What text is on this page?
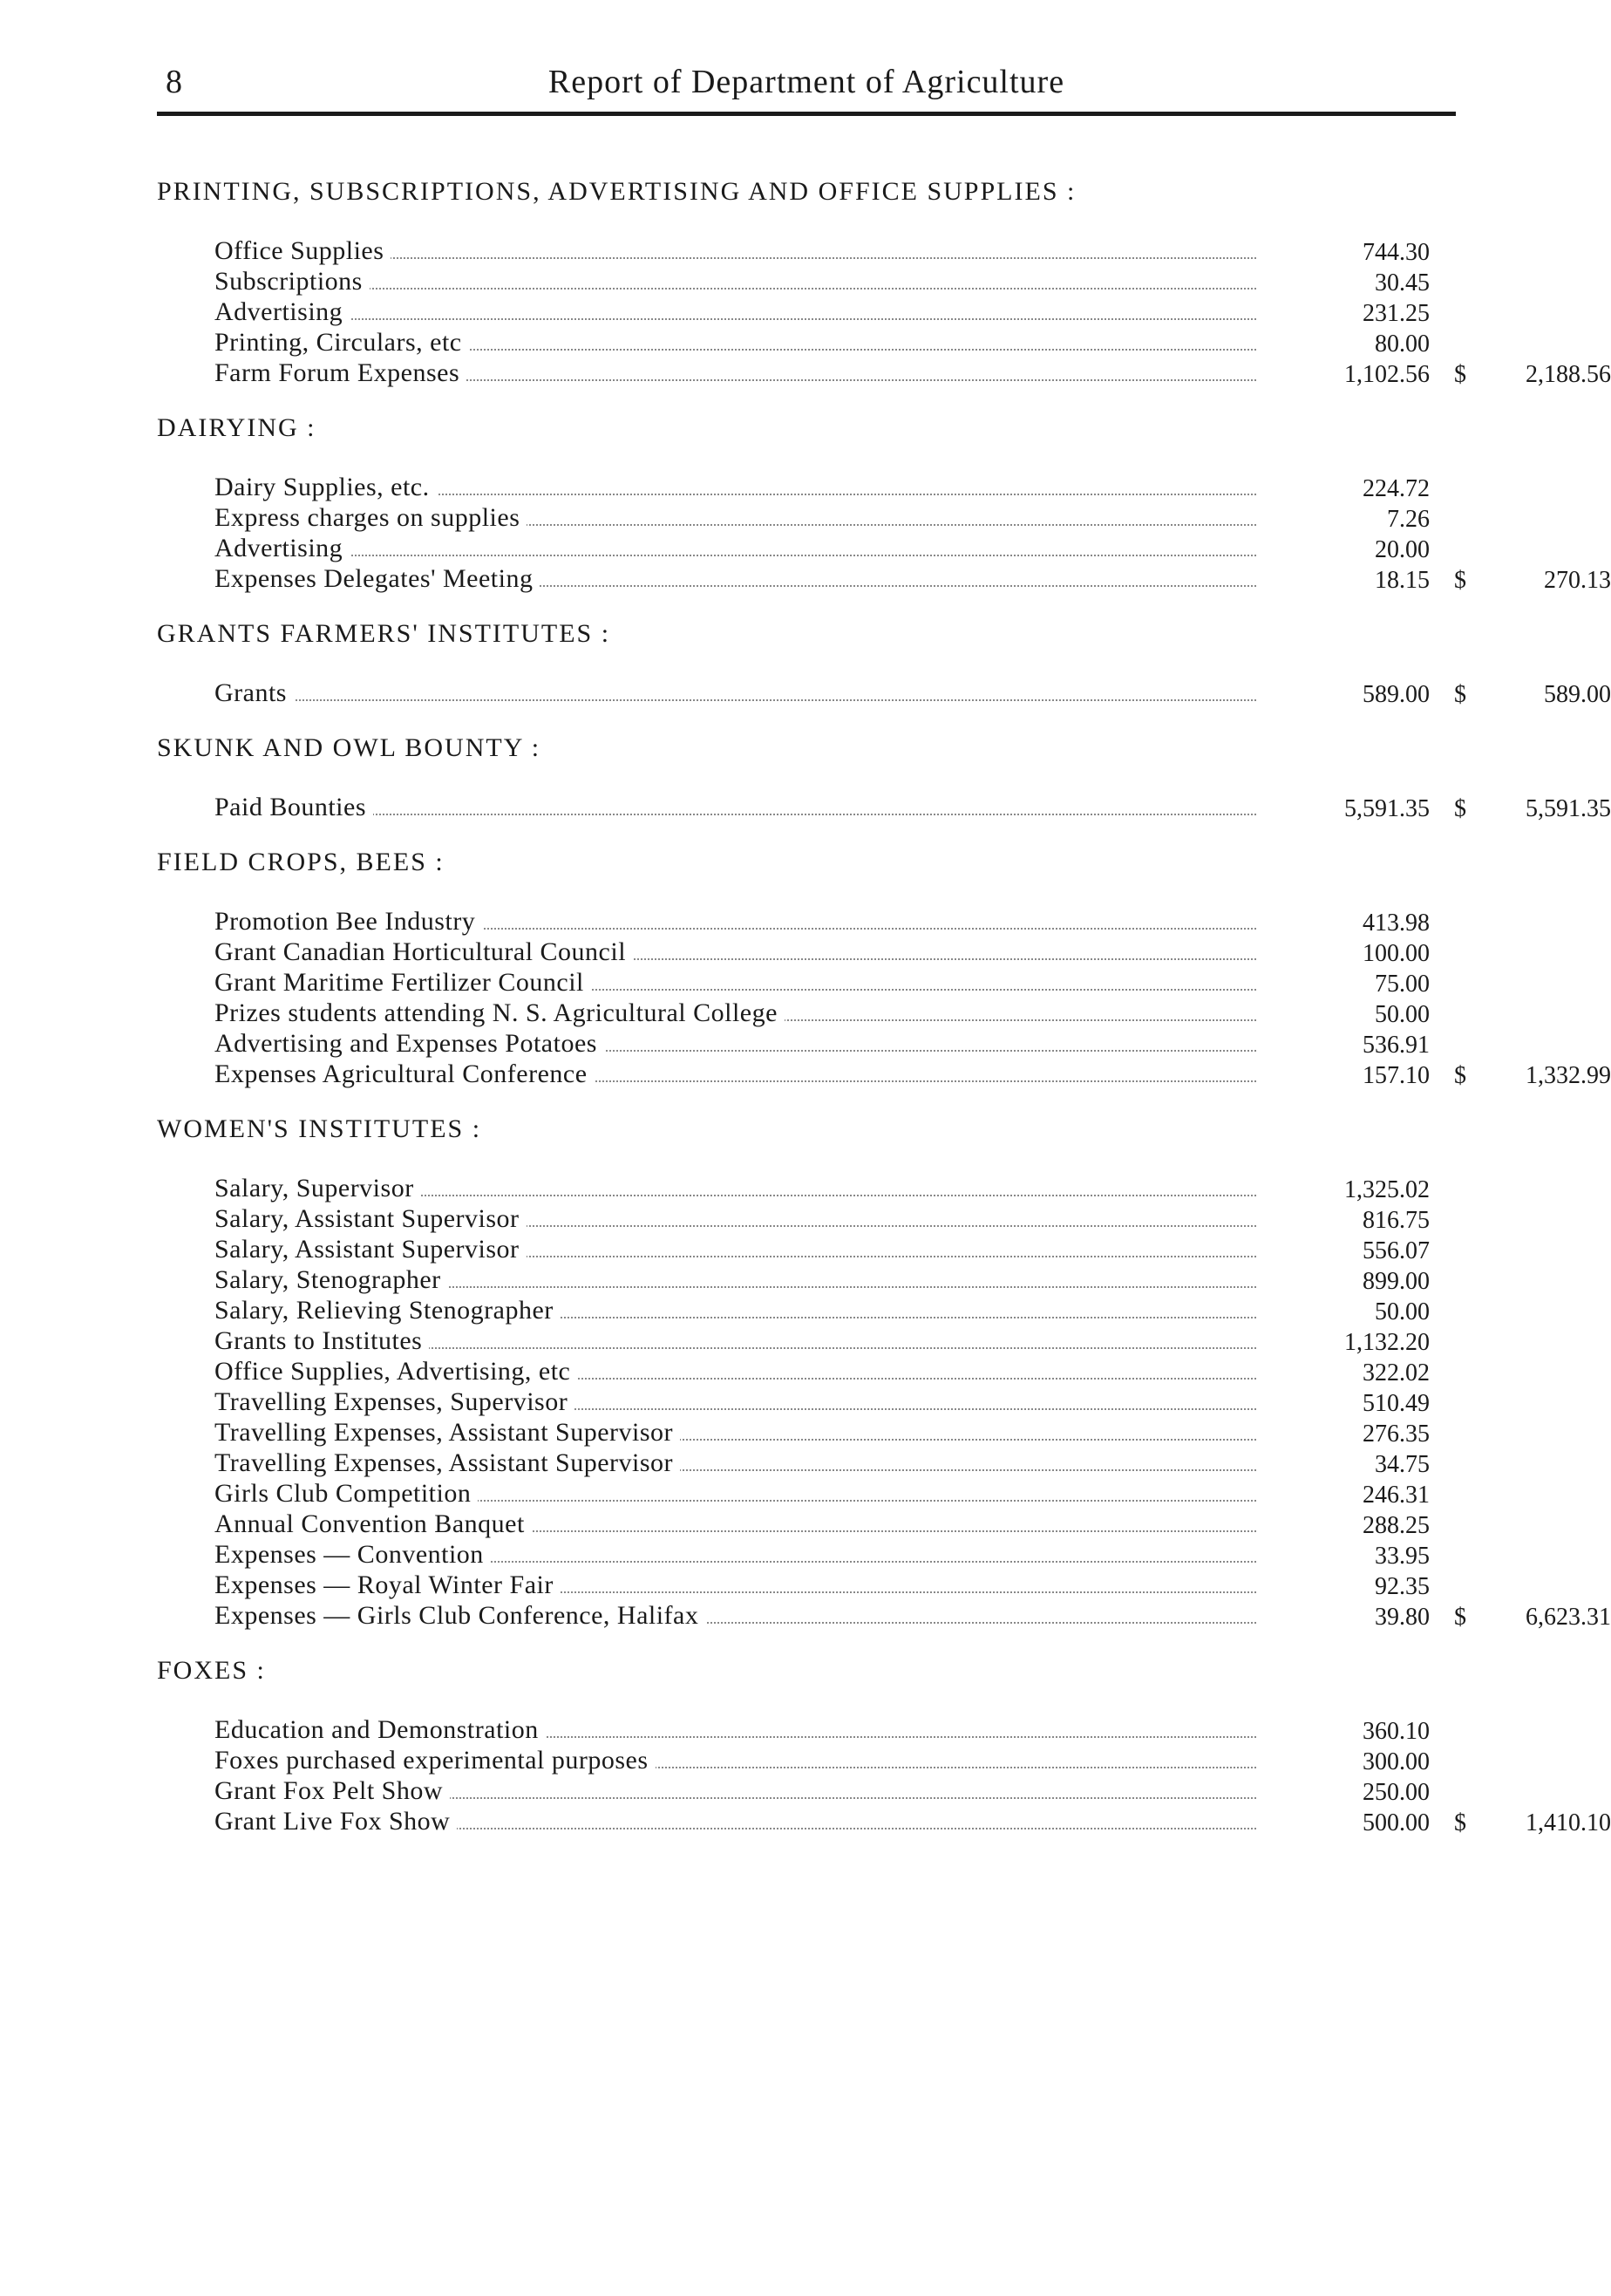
8	Report of Department of Agriculture
PRINTING, SUBSCRIPTIONS, ADVERTISING AND OFFICE SUPPLIES :
Office Supplies	744.30
Subscriptions	30.45
Advertising	231.25
Printing, Circulars, etc	80.00
Farm Forum Expenses	1,102.56 $	2,188.56
DAIRYING :
Dairy Supplies, etc.	224.72
Express charges on supplies	7.26
Advertising	20.00
Expenses Delegates' Meeting	18.15 $	270.13
GRANTS FARMERS' INSTITUTES :
Grants	589.00 $	589.00
SKUNK AND OWL BOUNTY :
Paid Bounties	5,591.35 $	5,591.35
FIELD CROPS, BEES :
Promotion Bee Industry	413.98
Grant Canadian Horticultural Council	100.00
Grant Maritime Fertilizer Council	75.00
Prizes students attending N. S. Agricultural College	50.00
Advertising and Expenses Potatoes	536.91
Expenses Agricultural Conference	157.10 $	1,332.99
WOMEN'S INSTITUTES :
Salary, Supervisor	1,325.02
Salary, Assistant Supervisor	816.75
Salary, Assistant Supervisor	556.07
Salary, Stenographer	899.00
Salary, Relieving Stenographer	50.00
Grants to Institutes	1,132.20
Office Supplies, Advertising, etc	322.02
Travelling Expenses, Supervisor	510.49
Travelling Expenses, Assistant Supervisor	276.35
Travelling Expenses, Assistant Supervisor	34.75
Girls Club Competition	246.31
Annual Convention Banquet	288.25
Expenses — Convention	33.95
Expenses — Royal Winter Fair	92.35
Expenses — Girls Club Conference, Halifax	39.80 $	6,623.31
FOXES :
Education and Demonstration	360.10
Foxes purchased experimental purposes	300.00
Grant Fox Pelt Show	250.00
Grant Live Fox Show	500.00 $	1,410.10
